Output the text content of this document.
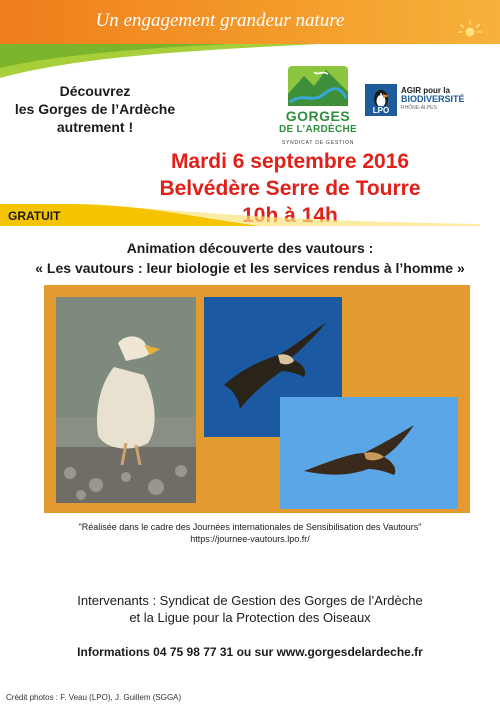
Un engagement grandeur nature
Découvrez
les Gorges de l’Ardèche
autrement !
GORGES
DE L’ARDÈCHE
SYNDICAT DE GESTION
LPO
AGIR pour la
BIODIVERSITÉ
RHÔNE-ALPES
Mardi 6 septembre 2016
Belvédère Serre de Tourre
10h à 14h
GRATUIT
Animation découverte des vautours :
« Les vautours : leur biologie et les services rendus à l’homme »
"Réalisée dans le cadre des Journées internationales de Sensibilisation des Vautours"
https://journee-vautours.lpo.fr/
Intervenants : Syndicat de Gestion des Gorges de l’Ardèche
et la Ligue pour la Protection des Oiseaux
Informations 04 75 98 77 31 ou sur www.gorgesdelardeche.fr
Crédit photos : F. Veau (LPO), J. Guillem (SGGA)
